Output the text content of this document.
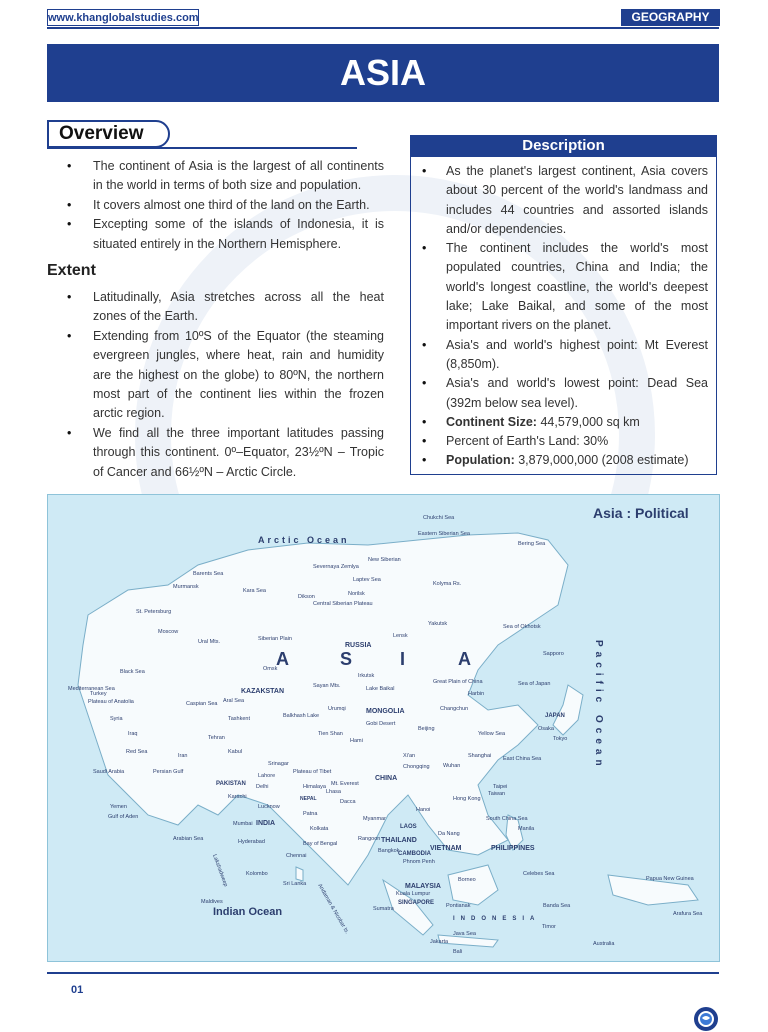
www.khanglobalstudies.com	GEOGRAPHY
ASIA
Overview
• The continent of Asia is the largest of all continents in the world in terms of both size and population.
• It covers almost one third of the land on the Earth.
• Excepting some of the islands of Indonesia, it is situated entirely in the Northern Hemisphere.
Extent
• Latitudinally, Asia stretches across all the heat zones of the Earth.
• Extending from 10ºS of the Equator (the steaming evergreen jungles, where heat, rain and humidity are the highest on the globe) to 80ºN, the northern most part of the continent lies within the frozen arctic region.
• We find all the three important latitudes passing through this continent. 0º–Equator, 23½ºN – Tropic of Cancer and 66½ºN – Arctic Circle.
Description
• As the planet's largest continent, Asia covers about 30 percent of the world's landmass and includes 44 countries and assorted islands and/or dependencies.
• The continent includes the world's most populated countries, China and India; the world's longest coastline, the world's deepest lake; Lake Baikal, and some of the most important rivers on the planet.
• Asia's and world's highest point: Mt Everest (8,850m).
• Asia's and world's lowest point: Dead Sea (392m below sea level).
• Continent Size: 44,579,000 sq km
• Percent of Earth's Land: 30%
• Population: 3,879,000,000 (2008 estimate)
Asia : Political
Arctic Ocean
Pacific Ocean
Indian Ocean
A	S	I	A
RUSSIA
KAZAKSTAN
MONGOLIA
CHINA
INDIA
PAKISTAN
THAILAND
VIETNAM
LAOS
CAMBODIA
PHILIPPINES
MALAYSIA
SINGAPORE
JAPAN
INDONESIA
NEPAL
Chukchi Sea
Eastern Siberian Sea
New Siberian
Severnaya Zemlya
Laptev Sea
Kara Sea
Barents Sea
Bering Sea
Sea of Okhotsk
Central Siberian Plateau
Siberian Plain
Kolyma Rs.
Dikson	Norilsk
Murmansk
St. Petersburg
Moscow
Ural Mts.
Yakutsk
Lensk
Irkutsk
Omsk
Sayan Mts.	Lake Baikal
Great Plain of China
Harbin
Changchun
Beijing
Gobi Desert
Tien Shan
Balkhash Lake
Hami
Urumqi
Tashkent
Tehran
Caspian Sea Aral Sea
Mediterranean Sea
Black Sea
Red Sea
Persian Gulf
Arabian Sea
Gulf of Aden
Yemen
Saudi Arabia
Kabul
Iran
Iraq
Syria
Turkey
Plateau of Anatolia
Plateau of Tibet
Himalaya Mt. Everest
Lhasa
Srinagar
Karachi
Lahore
Delhi
Lucknow
Patna
Dacca
Kolkata
Mumbai
Hyderabad
Chennai
Bay of Bengal
Kolombo
Sri Lanka
Maldives
Myanmar
Rangoon
Bangkok
Phnom Penh
Hanoi
Da Nang
Hong Kong
Taipei
Taiwan
Manila
Celebes Sea
Banda Sea
Java Sea
Arafura Sea
Papua New Guinea
Timor
Bali
Australia
Borneo
Sumatra
Andaman & Nicobar Is.
Lakshadweep
East China Sea
South China Sea
Yellow Sea
Sea of Japan
Tokyo
Sapporo
Osaka
Wuhan
Xi'an	Shanghai
Chongqing
Kuala Lumpur
Jakarta
Pontianak
01
